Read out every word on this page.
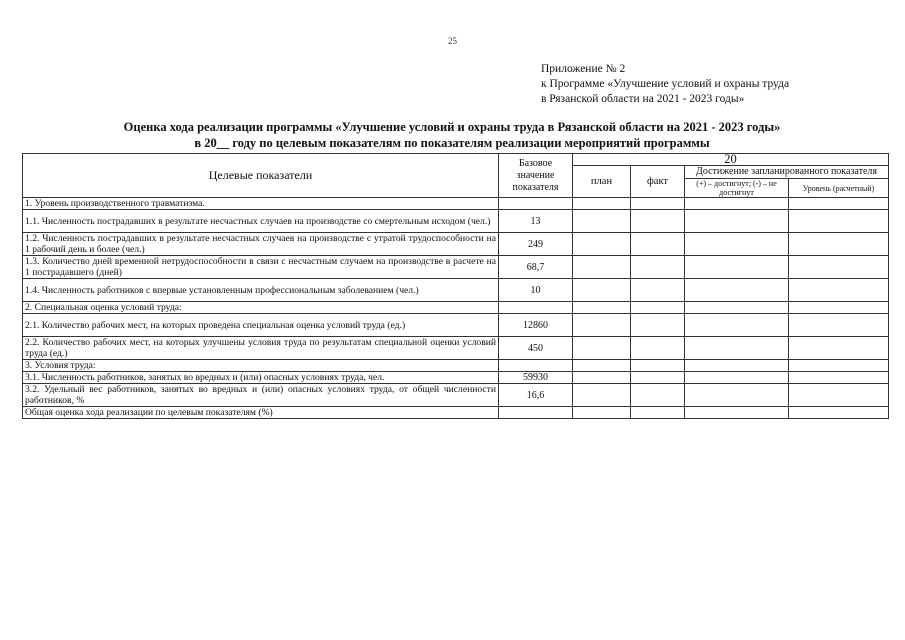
25
Приложение № 2
к Программе «Улучшение условий и охраны труда
в Рязанской области на 2021 - 2023 годы»
Оценка хода реализации программы «Улучшение условий и охраны труда в Рязанской области на 2021 - 2023 годы»
в 20__ году по целевым показателям по показателям реализации мероприятий программы
Целевые показатели	Базовое значение показателя	20			
		план	факт	Достижение запланированного показателя	
				(+) – достигнут; (-) – не достигнут	Уровень (расчетный)
1. Уровень производственного травматизма.					
1.1. Численность пострадавших в результате несчастных случаев на производстве со смертельным исходом (чел.)	13				
1.2. Численность пострадавших в результате несчастных случаев на производстве с утратой трудоспособности на 1 рабочий день и более (чел.)	249				
1.3. Количество дней временной нетрудоспособности в связи с несчастным случаем на производстве в расчете на 1 пострадавшего (дней)	68,7				
1.4. Численность работников с впервые установленным профессиональным заболеванием (чел.)	10				
2. Специальная оценка условий труда:					
2.1. Количество рабочих мест, на которых проведена специальная оценка условий труда (ед.)	12860				
2.2. Количество рабочих мест, на которых улучшены условия труда по результатам специальной оценки условий труда (ед.)	450				
3. Условия труда:					
3.1. Численность работников, занятых во вредных и (или) опасных условиях труда, чел.	59930				
3.2. Удельный вес работников, занятых во вредных и (или) опасных условиях труда, от общей численности работников, %	16,6				
Общая оценка хода реализации по целевым показателям (%)					
